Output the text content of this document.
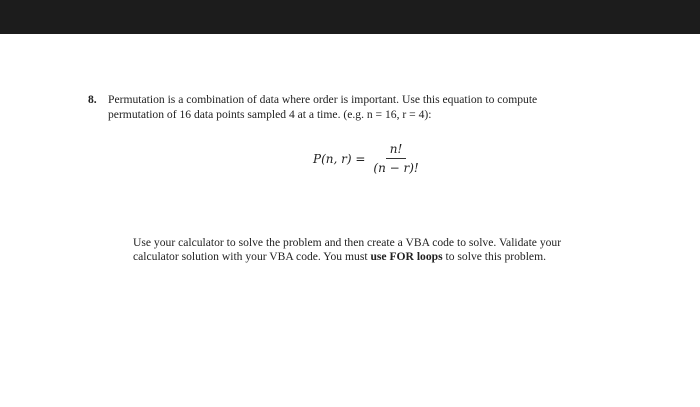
8. Permutation is a combination of data where order is important. Use this equation to compute
permutation of 16 data points sampled 4 at a time. (e.g. n = 16, r = 4):
P(n, $r) = \frac{n!}{(n - r)!}$
Use your calculator to solve the problem and then create a VBA code to solve. Validate your
calculator solution with your VBA code. You must use FOR loops to solve this problem.
